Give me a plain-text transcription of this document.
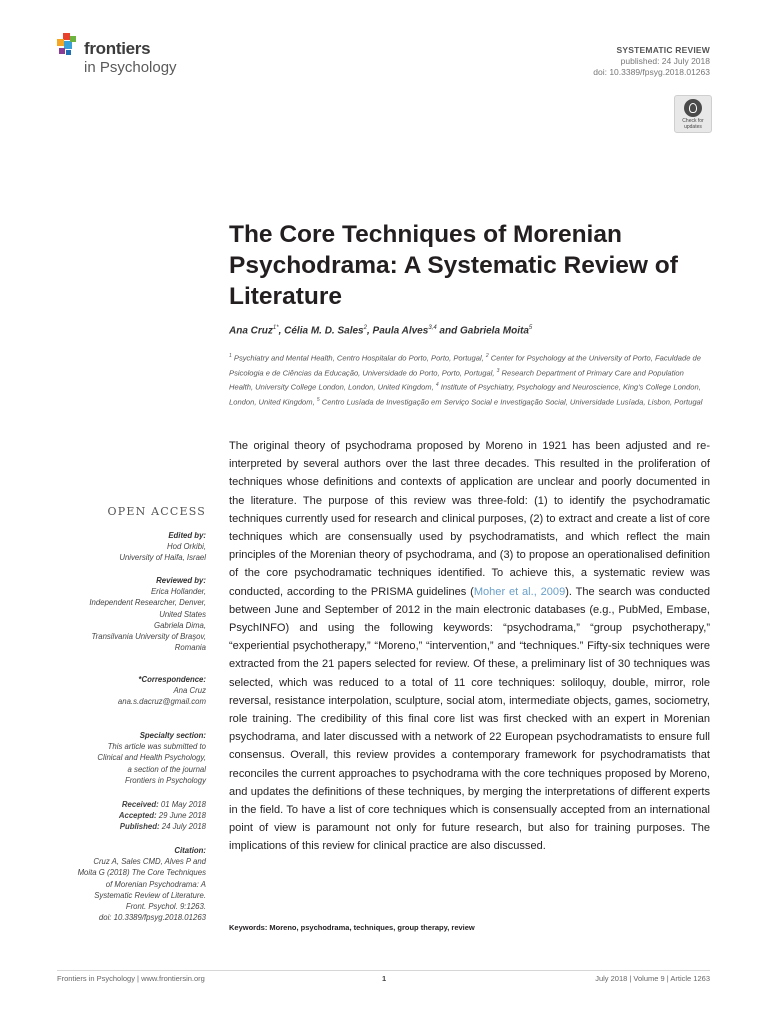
frontiers
in Psychology
SYSTEMATIC REVIEW
published: 24 July 2018
doi: 10.3389/fpsyg.2018.01263
Check for updates
The Core Techniques of Morenian Psychodrama: A Systematic Review of Literature
Ana Cruz$^{1*}$, Célia M. D. Sales$^2$, Paula Alves$^{3,4}$ and Gabriela Moita$^5$
$^1$ Psychiatry and Mental Health, Centro Hospitalar do Porto, Porto, Portugal, $^2$ Center for Psychology at the University of Porto, Faculdade de Psicologia e de Ciências da Educação, Universidade do Porto, Porto, Portugal, $^3$ Research Department of Primary Care and Population Health, University College London, London, United Kingdom, $^4$ Institute of Psychiatry, Psychology and Neuroscience, King's College London, London, United Kingdom, $^5$ Centro Lusíada de Investigação em Serviço Social e Investigação Social, Universidade Lusíada, Lisbon, Portugal
The original theory of psychodrama proposed by Moreno in 1921 has been adjusted and re-interpreted by several authors over the last three decades. This resulted in the proliferation of techniques whose definitions and contexts of application are unclear and poorly documented in the literature. The purpose of this review was three-fold: (1) to identify the psychodramatic techniques currently used for research and clinical purposes, (2) to extract and create a list of core techniques which are consensually used by psychodramatists, and which reflect the main principles of the Morenian theory of psychodrama, and (3) to propose an operationalised definition of the core psychodramatic techniques identified. To achieve this, a systematic review was conducted, according to the PRISMA guidelines (Moher et al., 2009). The search was conducted between June and September of 2012 in the main electronic databases (e.g., PubMed, Embase, PsychINFO) and using the following keywords: “psychodrama,” “group psychotherapy,” “experiential psychotherapy,” “Moreno,” “intervention,” and “techniques.” Fifty-six techniques were extracted from the 21 papers selected for review. Of these, a preliminary list of 30 techniques was selected, which was reduced to a total of 11 core techniques: soliloquy, double, mirror, role reversal, resistance interpolation, sculpture, social atom, intermediate objects, games, sociometry, role training. The credibility of this final core list was first checked with an expert in Morenian psychodrama, and later discussed with a network of 22 European psychodramatists to ensure full consensus. Overall, this review provides a contemporary framework for psychodramatists that reconciles the current approaches to psychodrama with the core techniques proposed by Moreno, and updates the definitions of these techniques, by merging the interpretations of different experts in the field. To have a list of core techniques which is consensually accepted from an international point of view is paramount not only for future research, but also for training purposes. The implications of this review for clinical practice are also discussed.
Keywords: Moreno, psychodrama, techniques, group therapy, review
OPEN ACCESS
Edited by:
Hod Orkibi,
University of Haifa, Israel
Reviewed by:
Erica Hollander,
Independent Researcher, Denver,
United States
Gabriela Dima,
Transilvania University of Braşov,
Romania
*Correspondence:
Ana Cruz
ana.s.dacruz@gmail.com
Specialty section:
This article was submitted to
Clinical and Health Psychology,
a section of the journal
Frontiers in Psychology
Received: 01 May 2018
Accepted: 29 June 2018
Published: 24 July 2018
Citation:
Cruz A, Sales CMD, Alves P and
Moita G (2018) The Core Techniques
of Morenian Psychodrama: A
Systematic Review of Literature.
Front. Psychol. 9:1263.
doi: 10.3389/fpsyg.2018.01263
Frontiers in Psychology | www.frontiersin.org	1	July 2018 | Volume 9 | Article 1263
